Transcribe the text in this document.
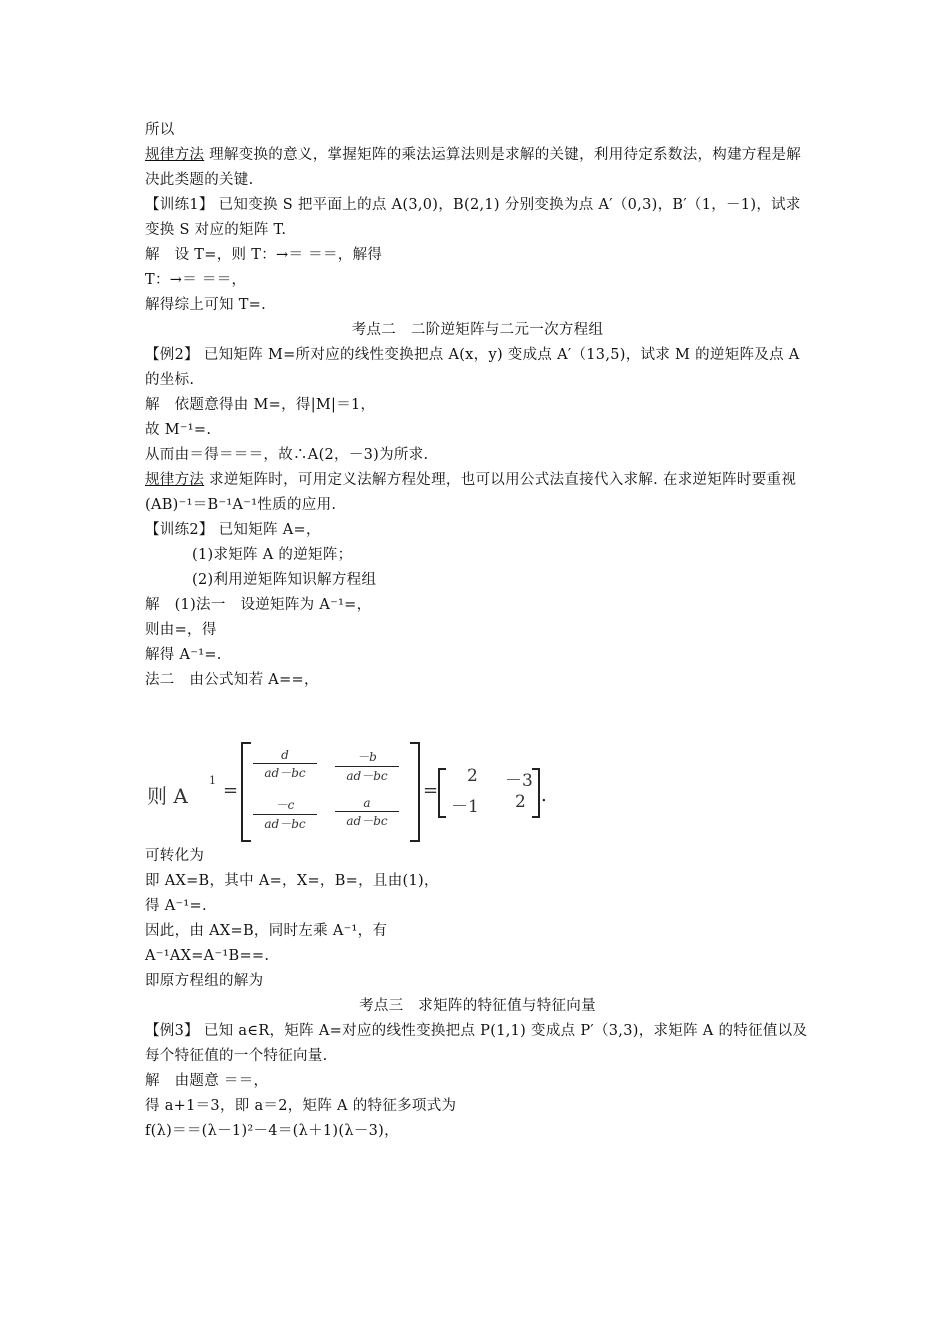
所以
规律方法 理解变换的意义，掌握矩阵的乘法运算法则是求解的关键，利用待定系数法，构建方程是解决此类题的关键.
【训练1】 已知变换 S 把平面上的点 A(3,0)，B(2,1) 分别变换为点 A′（0,3)，B′（1，－1)，试求变换 S 对应的矩阵 T.
解　设 T=，则 T：→＝ ＝＝，解得
T：→＝ ＝＝，
解得综上可知 T=.
考点二　二阶逆矩阵与二元一次方程组
【例2】 已知矩阵 M=所对应的线性变换把点 A(x，y) 变成点 A′（13,5)，试求 M 的逆矩阵及点 A 的坐标.
解　依题意得由 M=，得|M|＝1，
故 M⁻¹=.
从而由＝得＝＝＝，故∴A(2，－3)为所求.
规律方法 求逆矩阵时，可用定义法解方程处理，也可以用公式法直接代入求解. 在求逆矩阵时要重视(AB)⁻¹＝B⁻¹A⁻¹性质的应用.
【训练2】 已知矩阵 A=，
(1)求矩阵 A 的逆矩阵；
(2)利用逆矩阵知识解方程组
解　(1)法一　设逆矩阵为 A⁻¹=，
则由=，得
解得 A⁻¹=.
法二　由公式知若 A==，
则 A
1 =
$\frac{d}{ad-bc} \frac{-b}{ad-bc}$
$\frac{-c}{ad-bc} \frac{a}{ad-bc}$
=
2 －3
－1 2 .
可转化为
即 AX=B，其中 A=，X=，B=，且由(1)，
得 A⁻¹=.
因此，由 AX=B，同时左乘 A⁻¹，有
A⁻¹AX=A⁻¹B==.
即原方程组的解为
考点三　求矩阵的特征值与特征向量
【例3】 已知 a∈R，矩阵 A=对应的线性变换把点 P(1,1) 变成点 P′（3,3)，求矩阵 A 的特征值以及每个特征值的一个特征向量.
解　由题意 ＝＝，
得 a+1＝3，即 a＝2，矩阵 A 的特征多项式为
f(λ)＝＝(λ－1)²－4＝(λ＋1)(λ－3)，
